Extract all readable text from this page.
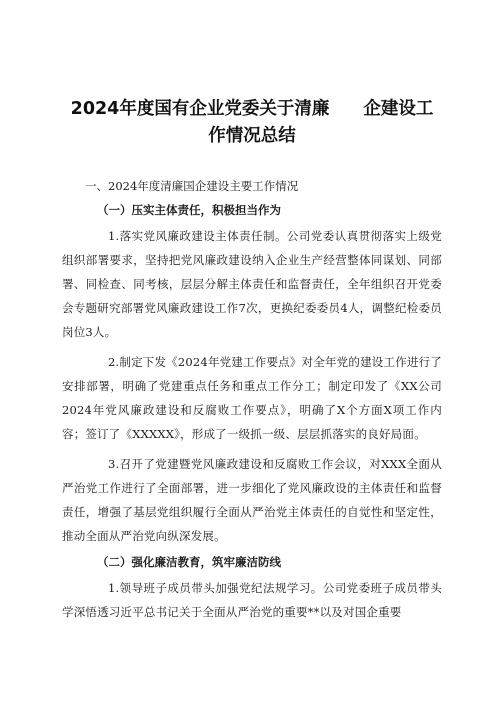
2024年度国有企业党委关于清廉 企建设工
作情况总结

一、2024年度清廉国企建设主要工作情况

（一）压实主体责任，积极担当作为

1.落实党风廉政建设主体责任制。公司党委认真贯彻落实上级党组织部署要求，坚持把党风廉政建设纳入企业生产经营整体同谋划、同部署、同检查、同考核，层层分解主体责任和监督责任，全年组织召开党委会专题研究部署党风廉政建设工作7次，更换纪委委员4人，调整纪检委员岗位3人。

2.制定下发《2024年党建工作要点》对全年党的建设工作进行了安排部署，明确了党建重点任务和重点工作分工；制定印发了《XX公司2024年党风廉政建设和反腐败工作要点》，明确了X个方面X项工作内容；签订了《XXXXX》，形成了一级抓一级、层层抓落实的良好局面。

3.召开了党建暨党风廉政建设和反腐败工作会议，对XXX全面从严治党工作进行了全面部署，进一步细化了党风廉政设的主体责任和监督责任，增强了基层党组织履行全面从严治党主体责任的自觉性和坚定性，推动全面从严治党向纵深发展。

（二）强化廉洁教育，筑牢廉洁防线

1.领导班子成员带头加强党纪法规学习。公司党委班子成员带头学深悟透习近平总书记关于全面从严治党的重要**以及对国企重要
